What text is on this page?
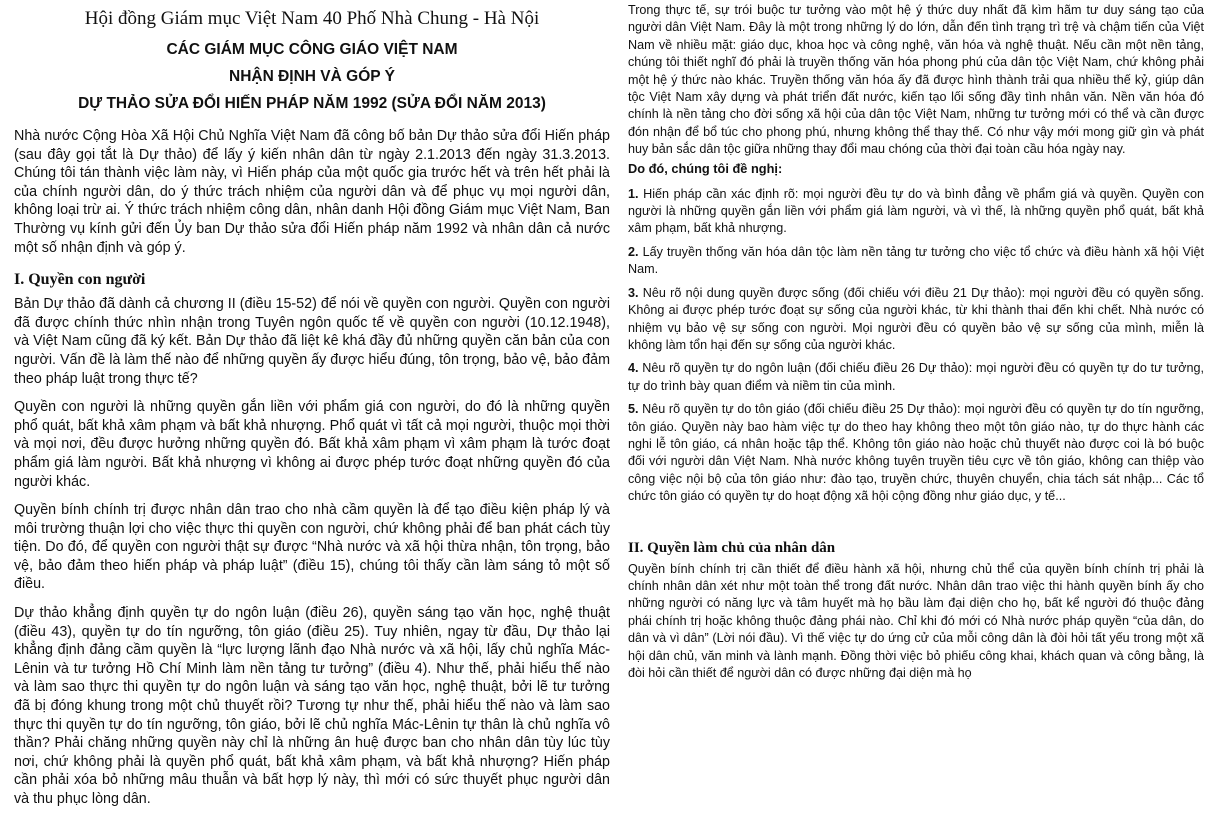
Hội đồng Giám mục Việt Nam 40 Phố Nhà Chung - Hà Nội
CÁC GIÁM MỤC CÔNG GIÁO VIỆT NAM
NHẬN ĐỊNH VÀ GÓP Ý
DỰ THẢO SỬA ĐỔI HIẾN PHÁP NĂM 1992 (SỬA ĐỔI NĂM 2013)

Nhà nước Cộng Hòa Xã Hội Chủ Nghĩa Việt Nam đã công bố bản Dự thảo sửa đổi Hiến pháp (sau đây gọi tắt là Dự thảo) để lấy ý kiến nhân dân từ ngày 2.1.2013 đến ngày 31.3.2013. Chúng tôi tán thành việc làm này, vì Hiến pháp của một quốc gia trước hết và trên hết phải là của chính người dân, do ý thức trách nhiệm của người dân và để phục vụ mọi người dân, không loại trừ ai. Ý thức trách nhiệm công dân, nhân danh Hội đồng Giám mục Việt Nam, Ban Thường vụ kính gửi đến Ủy ban Dự thảo sửa đổi Hiến pháp năm 1992 và nhân dân cả nước một số nhận định và góp ý.

I. Quyền con người

Bản Dự thảo đã dành cả chương II (điều 15-52) để nói về quyền con người. Quyền con người đã được chính thức nhìn nhận trong Tuyên ngôn quốc tế về quyền con người (10.12.1948), và Việt Nam cũng đã ký kết. Bản Dự thảo đã liệt kê khá đầy đủ những quyền căn bản của con người. Vấn đề là làm thế nào để những quyền ấy được hiểu đúng, tôn trọng, bảo vệ, bảo đảm theo pháp luật trong thực tế?

Quyền con người là những quyền gắn liền với phẩm giá con người, do đó là những quyền phổ quát, bất khả xâm phạm và bất khả nhượng. Phổ quát vì tất cả mọi người, thuộc mọi thời và mọi nơi, đều được hưởng những quyền đó. Bất khả xâm phạm vì xâm phạm là tước đoạt phẩm giá làm người. Bất khả nhượng vì không ai được phép tước đoạt những quyền đó của người khác.

Quyền bính chính trị được nhân dân trao cho nhà cầm quyền là để tạo điều kiện pháp lý và môi trường thuận lợi cho việc thực thi quyền con người, chứ không phải để ban phát cách tùy tiện. Do đó, để quyền con người thật sự được “Nhà nước và xã hội thừa nhận, tôn trọng, bảo vệ, bảo đảm theo hiến pháp và pháp luật” (điều 15), chúng tôi thấy cần làm sáng tỏ một số điều.

Dự thảo khẳng định quyền tự do ngôn luận (điều 26), quyền sáng tạo văn học, nghệ thuật (điều 43), quyền tự do tín ngưỡng, tôn giáo (điều 25). Tuy nhiên, ngay từ đầu, Dự thảo lại khẳng định đảng cầm quyền là “lực lượng lãnh đạo Nhà nước và xã hội, lấy chủ nghĩa Mác-Lênin và tư tưởng Hồ Chí Minh làm nền tảng tư tưởng” (điều 4). Như thế, phải hiểu thế nào và làm sao thực thi quyền tự do ngôn luận và sáng tạo văn học, nghệ thuật, bởi lẽ tư tưởng đã bị đóng khung trong một chủ thuyết rồi? Tương tự như thế, phải hiểu thế nào và làm sao thực thi quyền tự do tín ngưỡng, tôn giáo, bởi lẽ chủ nghĩa Mác-Lênin tự thân là chủ nghĩa vô thần? Phải chăng những quyền này chỉ là những ân huệ được ban cho nhân dân tùy lúc tùy nơi, chứ không phải là quyền phổ quát, bất khả xâm phạm, và bất khả nhượng? Hiến pháp cần phải xóa bỏ những mâu thuẫn và bất hợp lý này, thì mới có sức thuyết phục người dân và thu phục lòng dân.

Trong thực tế, sự trói buộc tư tưởng vào một hệ ý thức duy nhất đã kìm hãm tư duy sáng tạo của người dân Việt Nam. Đây là một trong những lý do lớn, dẫn đến tình trạng trì trệ và chậm tiến của Việt Nam về nhiều mặt: giáo dục, khoa học và công nghệ, văn hóa và nghệ thuật. Nếu cần một nền tảng, chúng tôi thiết nghĩ đó phải là truyền thống văn hóa phong phú của dân tộc Việt Nam, chứ không phải một hệ ý thức nào khác. Truyền thống văn hóa ấy đã được hình thành trải qua nhiều thế kỷ, giúp dân tộc Việt Nam xây dựng và phát triển đất nước, kiến tạo lối sống đầy tình nhân văn. Nền văn hóa đó chính là nền tảng cho đời sống xã hội của dân tộc Việt Nam, những tư tưởng mới có thể và cần được đón nhận để bổ túc cho phong phú, nhưng không thể thay thế. Có như vậy mới mong giữ gìn và phát huy bản sắc dân tộc giữa những thay đổi mau chóng của thời đại toàn cầu hóa ngày nay.

Do đó, chúng tôi đề nghị:
1. Hiến pháp cần xác định rõ: mọi người đều tự do và bình đẳng về phẩm giá và quyền. Quyền con người là những quyền gắn liền với phẩm giá làm người, và vì thế, là những quyền phổ quát, bất khả xâm phạm, bất khả nhượng.
2. Lấy truyền thống văn hóa dân tộc làm nền tảng tư tưởng cho việc tổ chức và điều hành xã hội Việt Nam.
3. Nêu rõ nội dung quyền được sống (đối chiếu với điều 21 Dự thảo): mọi người đều có quyền sống. Không ai được phép tước đoạt sự sống của người khác, từ khi thành thai đến khi chết. Nhà nước có nhiệm vụ bảo vệ sự sống con người. Mọi người đều có quyền bảo vệ sự sống của mình, miễn là không làm tổn hại đến sự sống của người khác.
4. Nêu rõ quyền tự do ngôn luận (đối chiếu điều 26 Dự thảo): mọi người đều có quyền tự do tư tưởng, tự do trình bày quan điểm và niềm tin của mình.
5. Nêu rõ quyền tự do tôn giáo (đối chiếu điều 25 Dự thảo): mọi người đều có quyền tự do tín ngưỡng, tôn giáo. Quyền này bao hàm việc tự do theo hay không theo một tôn giáo nào, tự do thực hành các nghi lễ tôn giáo, cá nhân hoặc tập thể. Không tôn giáo nào hoặc chủ thuyết nào được coi là bó buộc đối với người dân Việt Nam. Nhà nước không tuyên truyền tiêu cực về tôn giáo, không can thiệp vào công việc nội bộ của tôn giáo như: đào tạo, truyền chức, thuyên chuyển, chia tách sát nhập... Các tổ chức tôn giáo có quyền tự do hoạt động xã hội cộng đồng như giáo dục, y tế...
II. Quyền làm chủ của nhân dân

Quyền bính chính trị cần thiết để điều hành xã hội, nhưng chủ thể của quyền bính chính trị phải là chính nhân dân xét như một toàn thể trong đất nước. Nhân dân trao việc thi hành quyền bính ấy cho những người có năng lực và tâm huyết mà họ bầu làm đại diện cho họ, bất kể người đó thuộc đảng phái chính trị hoặc không thuộc đảng phái nào. Chỉ khi đó mới có Nhà nước pháp quyền “của dân, do dân và vì dân” (Lời nói đầu). Vì thế việc tự do ứng cử của mỗi công dân là đòi hỏi tất yếu trong một xã hội dân chủ, văn minh và lành mạnh. Đồng thời việc bỏ phiếu công khai, khách quan và công bằng, là đòi hỏi cần thiết để người dân có được những đại diện mà họ
